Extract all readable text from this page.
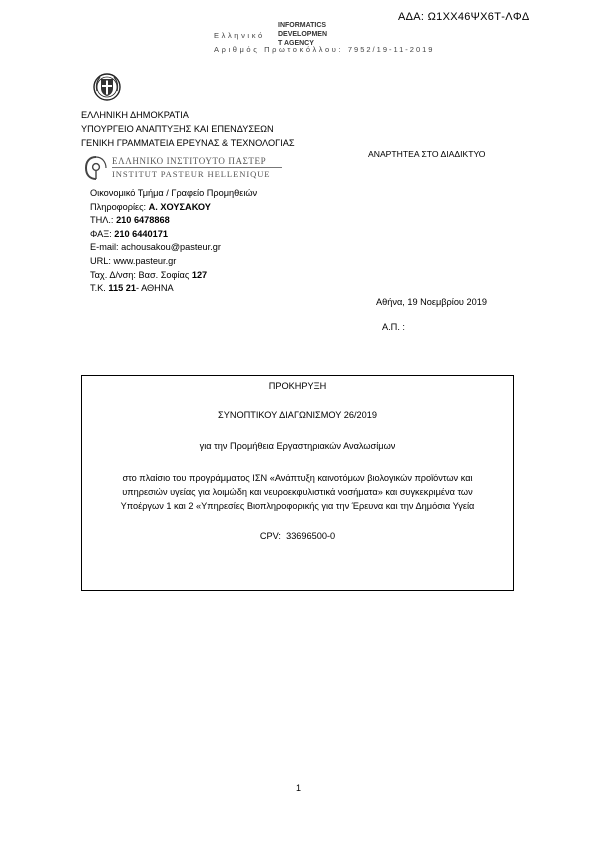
ΑΔΑ: Ω1ΧΧ46ΨΧ6Τ-ΛΦΔ
Ελληνικό
INFORMATICS
DEVELOPMEN
T AGENCY
Αριθμός Πρωτοκόλλου: 7952/19-11-2019
ΕΛΛΗΝΙΚΗ ΔΗΜΟΚΡΑΤΙΑ
ΥΠΟΥΡΓΕΙΟ ΑΝΑΠΤΥΞΗΣ ΚΑΙ ΕΠΕΝΔΥΣΕΩΝ
ΓΕΝΙΚΗ ΓΡΑΜΜΑΤΕΙΑ ΕΡΕΥΝΑΣ & ΤΕΧΝΟΛΟΓΙΑΣ
ΑΝΑΡΤΗΤΕΑ ΣΤΟ ΔΙΑΔΙΚΤΥΟ
ΕΛΛΗΝΙΚΟ ΙΝΣΤΙΤΟΥΤΟ ΠΑΣΤΕΡ
INSTITUT PASTEUR HELLENIQUE
Οικονομικό Τμήμα / Γραφείο Προμηθειών
Πληροφορίες: Α. ΧΟΥΣΑΚΟΥ
ΤΗΛ.: 210 6478868
ΦΑΞ: 210 6440171
E-mail: achousakou@pasteur.gr
URL: www.pasteur.gr
Ταχ. Δ/νση: Βασ. Σοφίας 127
Τ.Κ. 115 21- ΑΘΗΝΑ
Αθήνα, 19 Νοεμβρίου 2019
Α.Π. :
ΠΡΟΚΗΡΥΞΗ
ΣΥΝΟΠΤΙΚΟΥ ΔΙΑΓΩΝΙΣΜΟΥ 26/2019
για την Προμήθεια Εργαστηριακών Αναλωσίμων
στο πλαίσιο του προγράμματος ΙΣΝ «Ανάπτυξη καινοτόμων βιολογικών προϊόντων και
υπηρεσιών υγείας για λοιμώδη και νευροεκφυλιστικά νοσήματα» και συγκεκριμένα των
Υποέργων 1 και 2 «Υπηρεσίες Βιοπληροφορικής για την Έρευνα και την Δημόσια Υγεία
CPV: 33696500-0
1
